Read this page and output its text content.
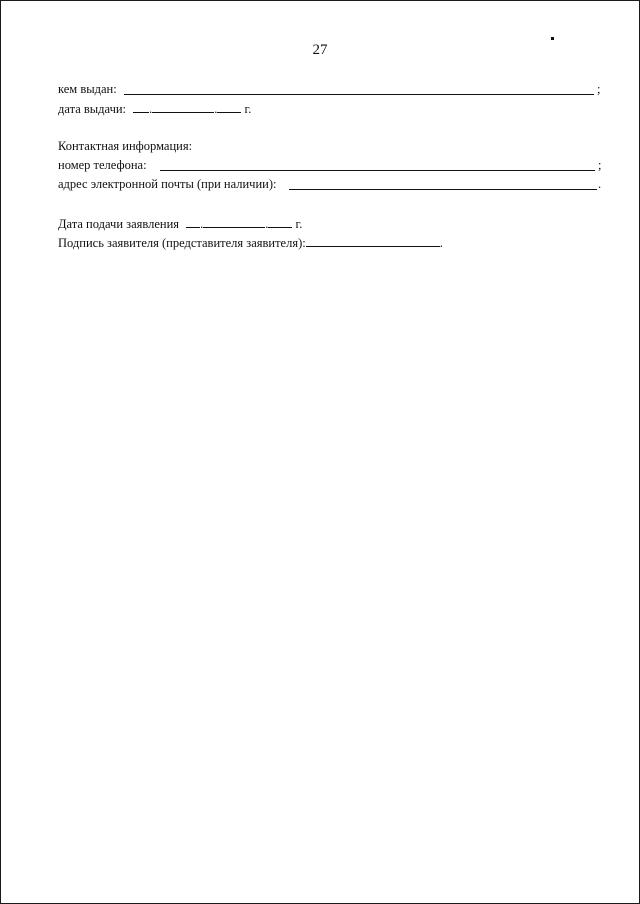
27
кем выдан:	;
дата выдачи: .	. г.
Контактная информация:
номер телефона:	;
адрес электронной почты (при наличии):	.
Дата подачи заявления .	. г.
Подпись заявителя (представителя заявителя):	.
